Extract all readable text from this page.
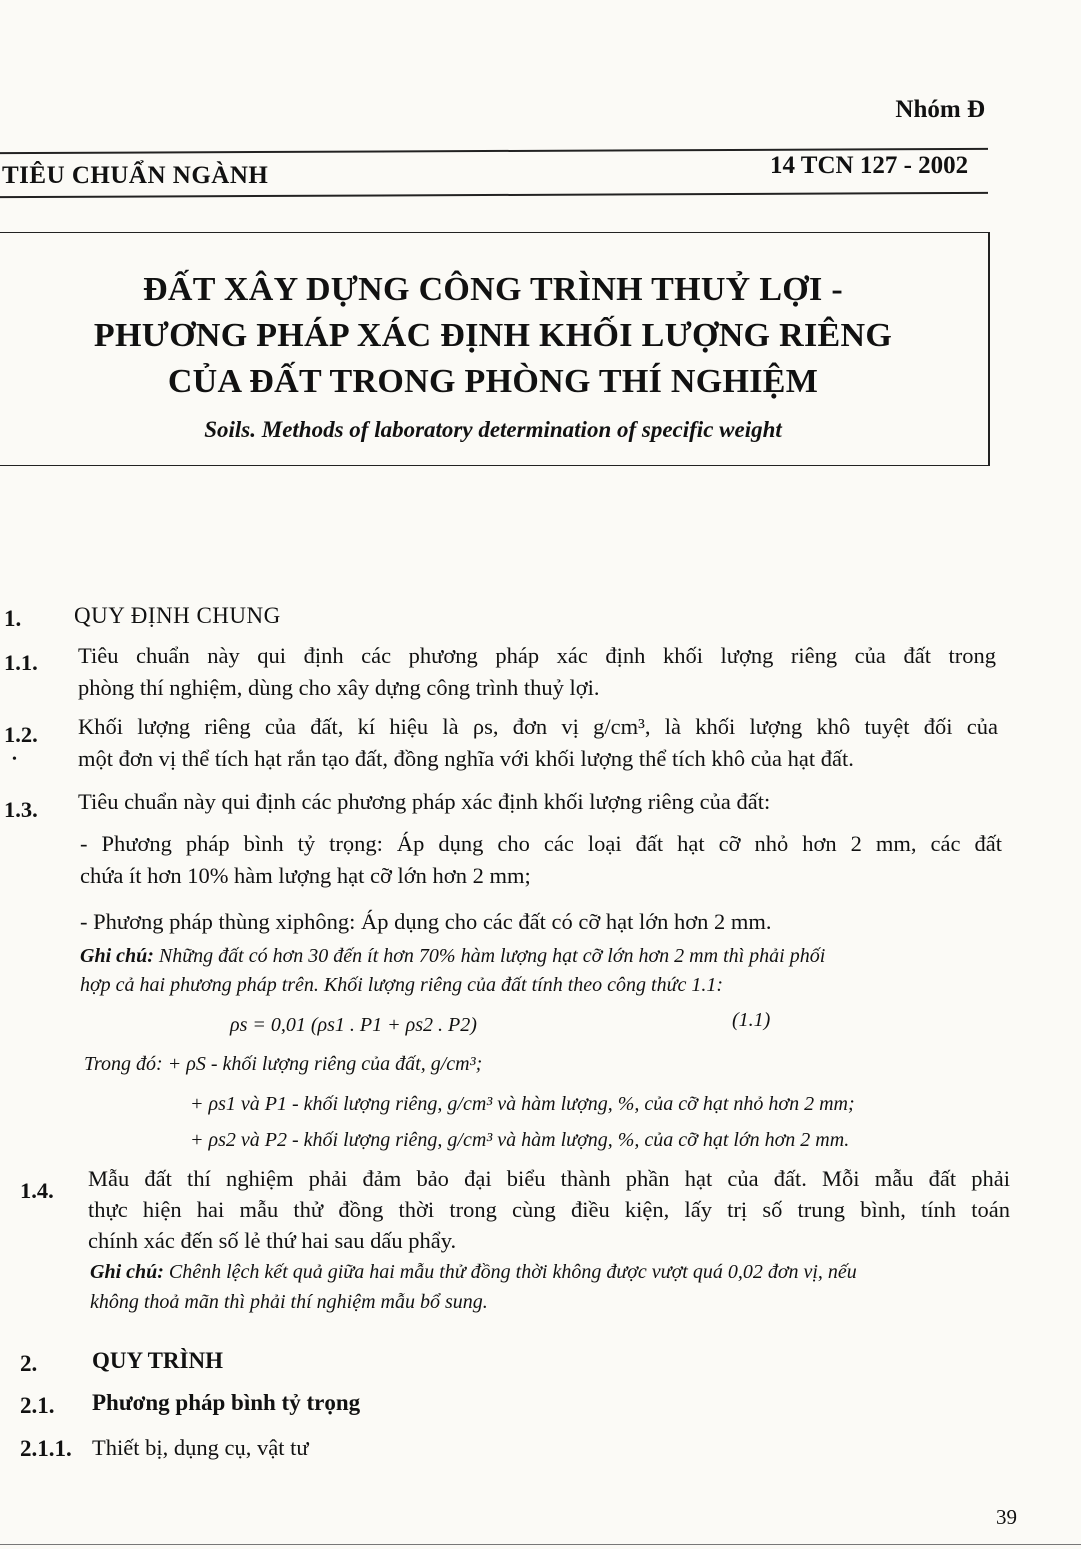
Nhóm Đ
TIÊU CHUẨN NGÀNH	14 TCN 127 - 2002
ĐẤT XÂY DỰNG CÔNG TRÌNH THUỶ LỢI -
PHƯƠNG PHÁP XÁC ĐỊNH KHỐI LƯỢNG RIÊNG
CỦA ĐẤT TRONG PHÒNG THÍ NGHIỆM
Soils. Methods of laboratory determination of specific weight
1. QUY ĐỊNH CHUNG
1.1. Tiêu chuẩn này qui định các phương pháp xác định khối lượng riêng của đất trong
phòng thí nghiệm, dùng cho xây dựng công trình thuỷ lợi.
1.2.
•
Khối lượng riêng của đất, kí hiệu là ρs, đơn vị g/cm³, là khối lượng khô tuyệt đối của
một đơn vị thể tích hạt rắn tạo đất, đồng nghĩa với khối lượng thể tích khô của hạt đất.
1.3. Tiêu chuẩn này qui định các phương pháp xác định khối lượng riêng của đất:
- Phương pháp bình tỷ trọng: Áp dụng cho các loại đất hạt cỡ nhỏ hơn 2 mm, các đất
chứa ít hơn 10% hàm lượng hạt cỡ lớn hơn 2 mm;
- Phương pháp thùng xiphông: Áp dụng cho các đất có cỡ hạt lớn hơn 2 mm.
Ghi chú: Những đất có hơn 30 đến ít hơn 70% hàm lượng hạt cỡ lớn hơn 2 mm thì phải phối
hợp cả hai phương pháp trên. Khối lượng riêng của đất tính theo công thức 1.1:
ρs = 0,01 (ρs1 . P1 + ρs2 . P2)	(1.1)
Trong đó: + ρS - khối lượng riêng của đất, g/cm³;
+ ρs1 và P1 - khối lượng riêng, g/cm³ và hàm lượng, %, của cỡ hạt nhỏ hơn 2 mm;
+ ρs2 và P2 - khối lượng riêng, g/cm³ và hàm lượng, %, của cỡ hạt lớn hơn 2 mm.
1.4. Mẫu đất thí nghiệm phải đảm bảo đại biểu thành phần hạt của đất. Mỗi mẫu đất phải
thực hiện hai mẫu thử đồng thời trong cùng điều kiện, lấy trị số trung bình, tính toán
chính xác đến số lẻ thứ hai sau dấu phẩy.
Ghi chú: Chênh lệch kết quả giữa hai mẫu thử đồng thời không được vượt quá 0,02 đơn vị, nếu
không thoả mãn thì phải thí nghiệm mẫu bổ sung.
2. QUY TRÌNH
2.1. Phương pháp bình tỷ trọng
2.1.1. Thiết bị, dụng cụ, vật tư
39
